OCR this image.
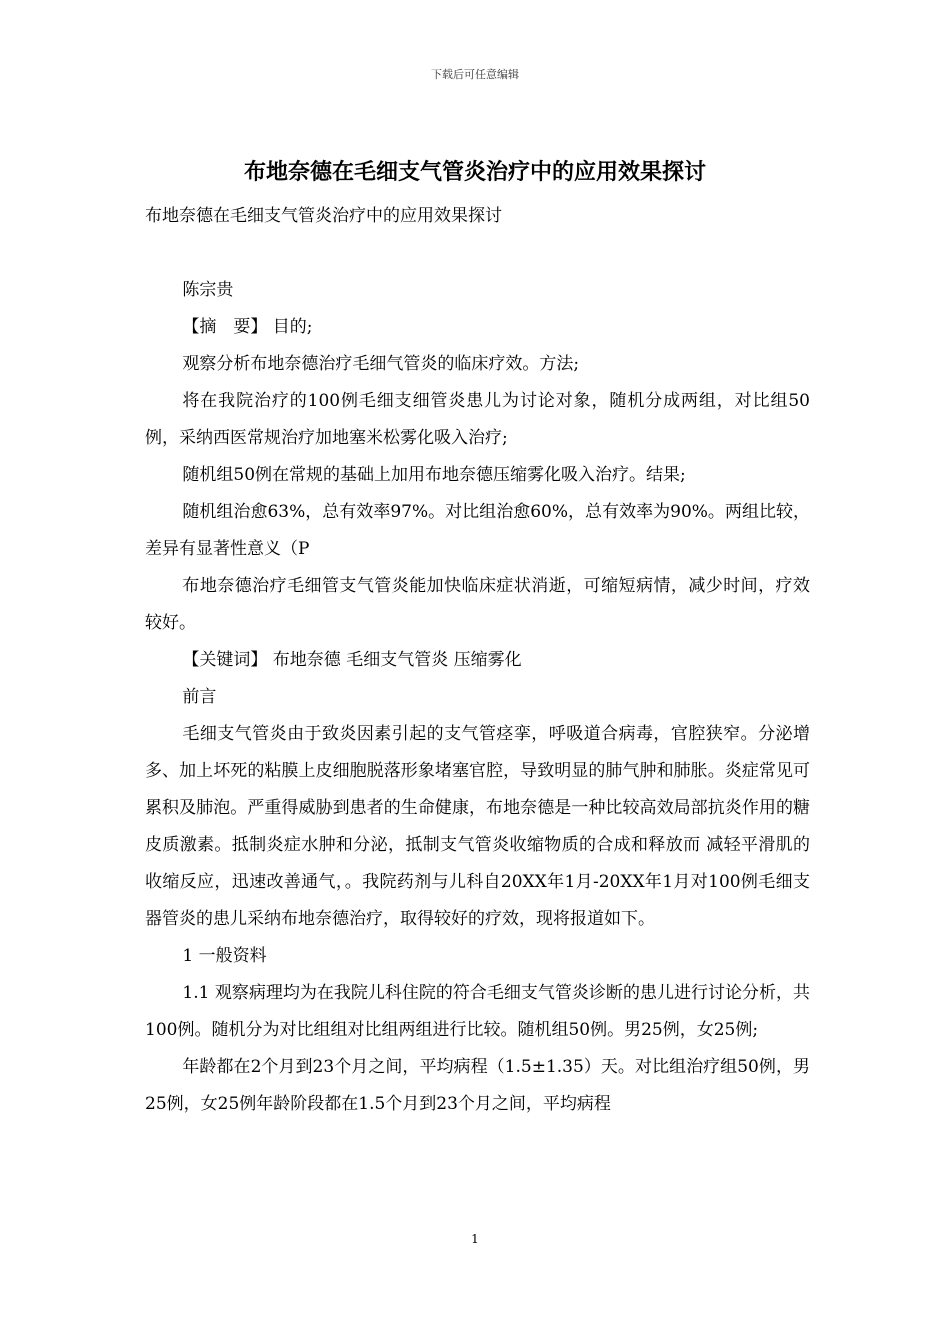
下载后可任意编辑
布地奈德在毛细支气管炎治疗中的应用效果探讨

布地奈德在毛细支气管炎治疗中的应用效果探讨

陈宗贵

【摘　要】 目的;

观察分析布地奈德治疗毛细气管炎的临床疗效。方法;

将在我院治疗的100例毛细支细管炎患儿为讨论对象，随机分成两组，对比组50例，采纳西医常规治疗加地塞米松雾化吸入治疗;

随机组50例在常规的基础上加用布地奈德压缩雾化吸入治疗。结果;

随机组治愈63%，总有效率97%。对比组治愈60%，总有效率为90%。两组比较，差异有显著性意义（P

布地奈德治疗毛细管支气管炎能加快临床症状消逝，可缩短病情，减少时间，疗效较好。

【关键词】 布地奈德 毛细支气管炎 压缩雾化

前言

毛细支气管炎由于致炎因素引起的支气管痉挛，呼吸道合病毒，官腔狭窄。分泌增多、加上坏死的粘膜上皮细胞脱落形象堵塞官腔，导致明显的肺气肿和肺胀。炎症常见可累积及肺泡。严重得威胁到患者的生命健康，布地奈德是一种比较高效局部抗炎作用的糖皮质激素。抵制炎症水肿和分泌，抵制支气管炎收缩物质的合成和释放而 减轻平滑肌的收缩反应，迅速改善通气，。我院药剂与儿科自20XX年1月-20XX年1月对100例毛细支器管炎的患儿采纳布地奈德治疗，取得较好的疗效，现将报道如下。

1 一般资料

1.1 观察病理均为在我院儿科住院的符合毛细支气管炎诊断的患儿进行讨论分析，共100例。随机分为对比组组对比组两组进行比较。随机组50例。男25例，女25例;

年龄都在2个月到23个月之间，平均病程（1.5±1.35）天。对比组治疗组50例，男25例，女25例年龄阶段都在1.5个月到23个月之间，平均病程

1
